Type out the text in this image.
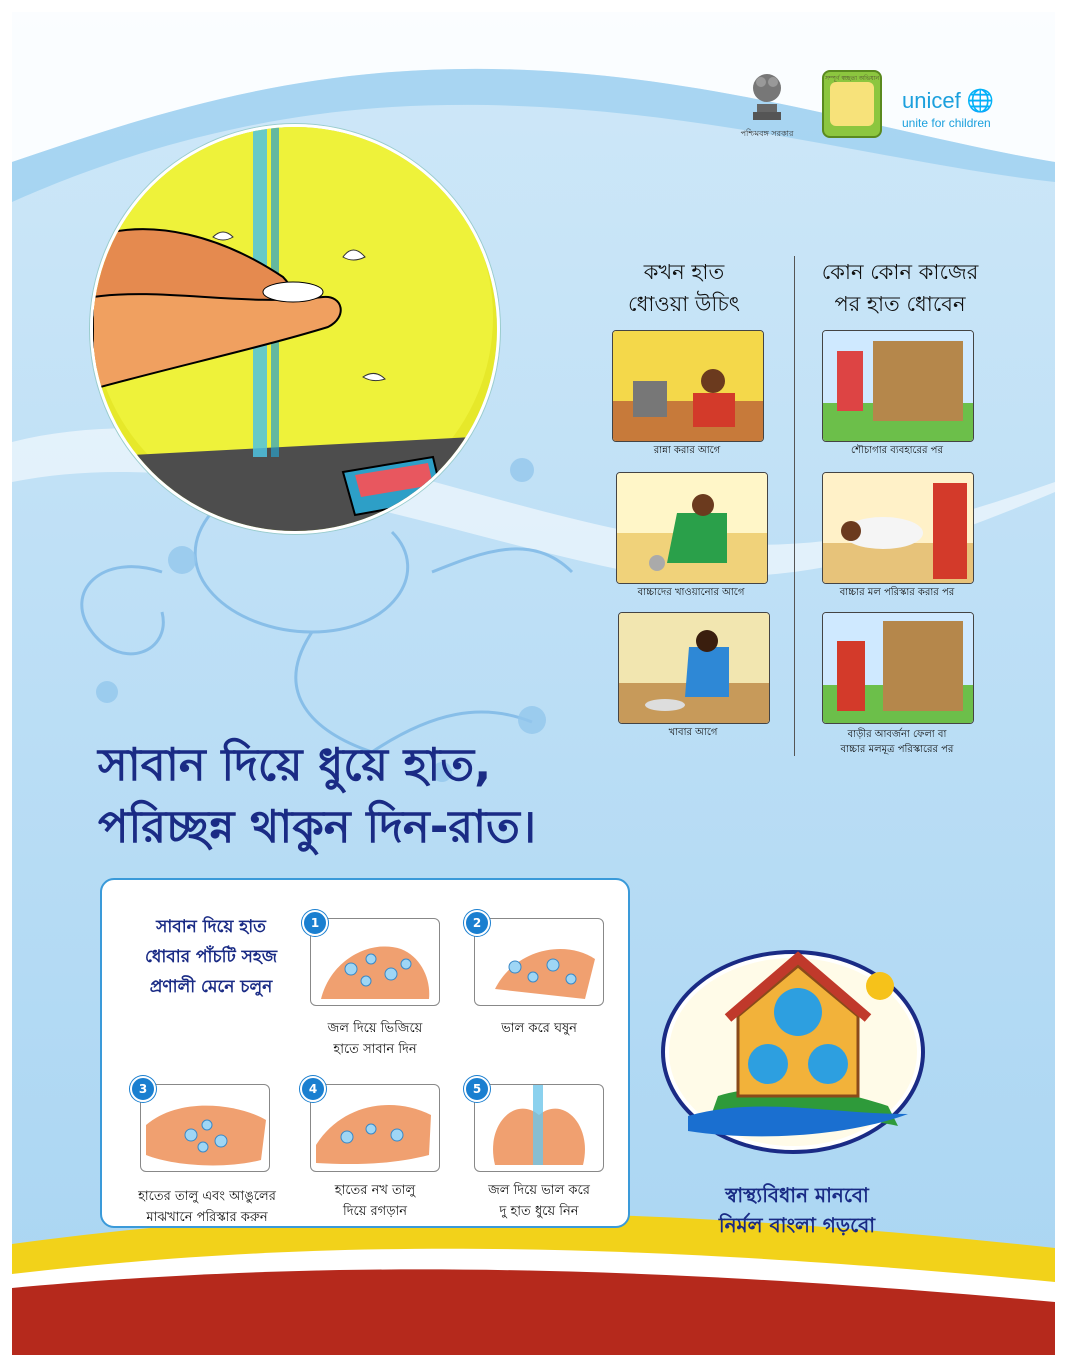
পশ্চিমবঙ্গ সরকার
সম্পূর্ণ স্বচ্ছতা অভিযান
unicef 🌐
unite for children
কখন হাত
ধোওয়া উচিৎ
কোন কোন কাজের
পর হাত ধোবেন
রান্না করার আগে
বাচ্চাদের খাওয়ানোর আগে
খাবার আগে
শৌচাগার ব্যবহারের পর
বাচ্চার মল পরিস্কার করার পর
বাড়ীর আবর্জনা ফেলা বা
বাচ্চার মলমূত্র পরিস্কারের পর
সাবান দিয়ে ধুয়ে হাত,
পরিচ্ছন্ন থাকুন দিন-রাত।
সাবান দিয়ে হাত
ধোবার পাঁচটি সহজ
প্রণালী মেনে চলুন
1
জল দিয়ে ভিজিয়ে
হাতে সাবান দিন
2
ভাল করে ঘষুন
3
হাতের তালু এবং আঙুলের
মাঝখানে পরিস্কার করুন
4
হাতের নখ তালু
দিয়ে রগড়ান
5
জল দিয়ে ভাল করে
দু হাত ধুয়ে নিন
স্বাস্থ্যবিধান মানবো
নির্মল বাংলা গড়বো
